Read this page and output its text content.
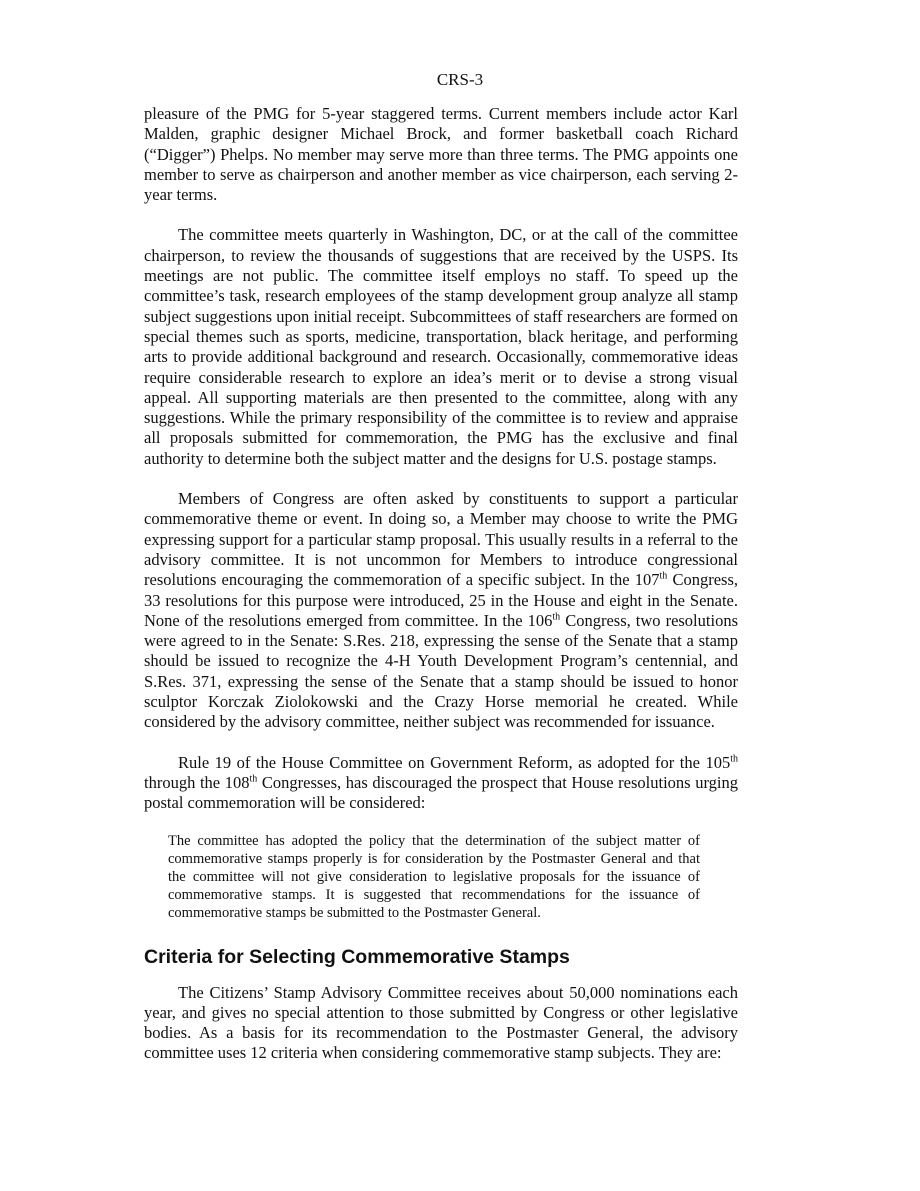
CRS-3

pleasure of the PMG for 5-year staggered terms. Current members include actor Karl Malden, graphic designer Michael Brock, and former basketball coach Richard (“Digger”) Phelps. No member may serve more than three terms. The PMG appoints one member to serve as chairperson and another member as vice chairperson, each serving 2-year terms.

The committee meets quarterly in Washington, DC, or at the call of the committee chairperson, to review the thousands of suggestions that are received by the USPS. Its meetings are not public. The committee itself employs no staff. To speed up the committee’s task, research employees of the stamp development group analyze all stamp subject suggestions upon initial receipt. Subcommittees of staff researchers are formed on special themes such as sports, medicine, transportation, black heritage, and performing arts to provide additional background and research. Occasionally, commemorative ideas require considerable research to explore an idea’s merit or to devise a strong visual appeal. All supporting materials are then presented to the committee, along with any suggestions. While the primary responsibility of the committee is to review and appraise all proposals submitted for commemoration, the PMG has the exclusive and final authority to determine both the subject matter and the designs for U.S. postage stamps.

Members of Congress are often asked by constituents to support a particular commemorative theme or event. In doing so, a Member may choose to write the PMG expressing support for a particular stamp proposal. This usually results in a referral to the advisory committee. It is not uncommon for Members to introduce congressional resolutions encouraging the commemoration of a specific subject. In the 107th Congress, 33 resolutions for this purpose were introduced, 25 in the House and eight in the Senate. None of the resolutions emerged from committee. In the 106th Congress, two resolutions were agreed to in the Senate: S.Res. 218, expressing the sense of the Senate that a stamp should be issued to recognize the 4-H Youth Development Program’s centennial, and S.Res. 371, expressing the sense of the Senate that a stamp should be issued to honor sculptor Korczak Ziolokowski and the Crazy Horse memorial he created. While considered by the advisory committee, neither subject was recommended for issuance.

Rule 19 of the House Committee on Government Reform, as adopted for the 105th through the 108th Congresses, has discouraged the prospect that House resolutions urging postal commemoration will be considered:

The committee has adopted the policy that the determination of the subject matter of commemorative stamps properly is for consideration by the Postmaster General and that the committee will not give consideration to legislative proposals for the issuance of commemorative stamps. It is suggested that recommendations for the issuance of commemorative stamps be submitted to the Postmaster General.

Criteria for Selecting Commemorative Stamps

The Citizens’ Stamp Advisory Committee receives about 50,000 nominations each year, and gives no special attention to those submitted by Congress or other legislative bodies. As a basis for its recommendation to the Postmaster General, the advisory committee uses 12 criteria when considering commemorative stamp subjects. They are:
